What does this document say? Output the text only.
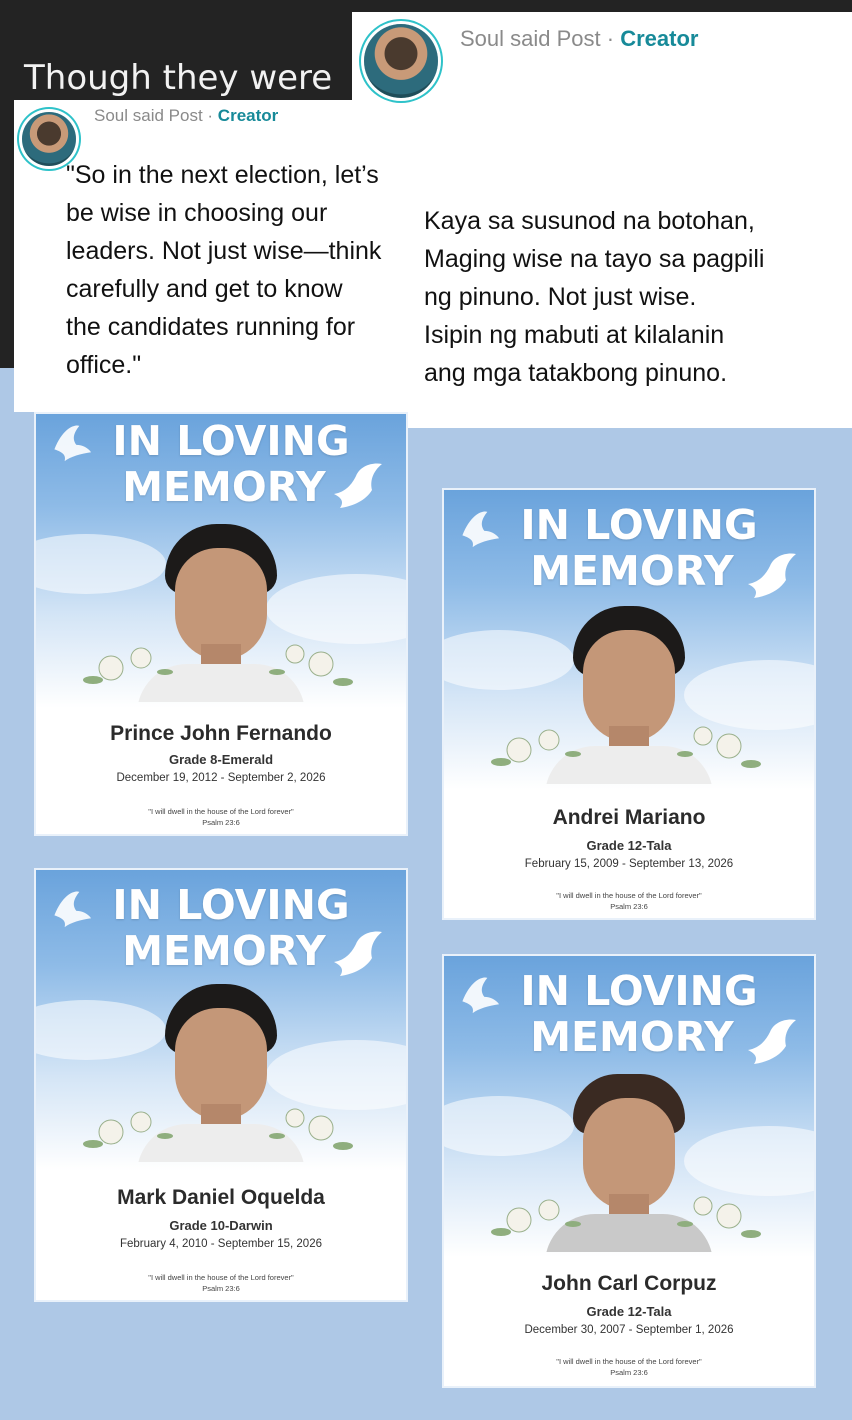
Though they were
Soul said Post · Creator
Kaya sa susunod na botohan,
Maging wise na tayo sa pagpili
ng pinuno. Not just wise.
Isipin ng mabuti at kilalanin
ang mga tatakbong pinuno.
Soul said Post · Creator
"So in the next election, let’s
be wise in choosing our
leaders. Not just wise—think
carefully and get to know
the candidates running for
office."
IN LOVING
MEMORY
Prince John Fernando
Grade 8-Emerald
December 19, 2012 - September 2, 2026
"I will dwell in the house of the Lord forever"
Psalm 23:6
IN LOVING
MEMORY
Andrei Mariano
Grade 12-Tala
February 15, 2009 - September 13, 2026
"I will dwell in the house of the Lord forever"
Psalm 23:6
IN LOVING
MEMORY
Mark Daniel Oquelda
Grade 10-Darwin
February 4, 2010 - September 15, 2026
"I will dwell in the house of the Lord forever"
Psalm 23:6
IN LOVING
MEMORY
John Carl Corpuz
Grade 12-Tala
December 30, 2007 - September 1, 2026
"I will dwell in the house of the Lord forever"
Psalm 23:6
